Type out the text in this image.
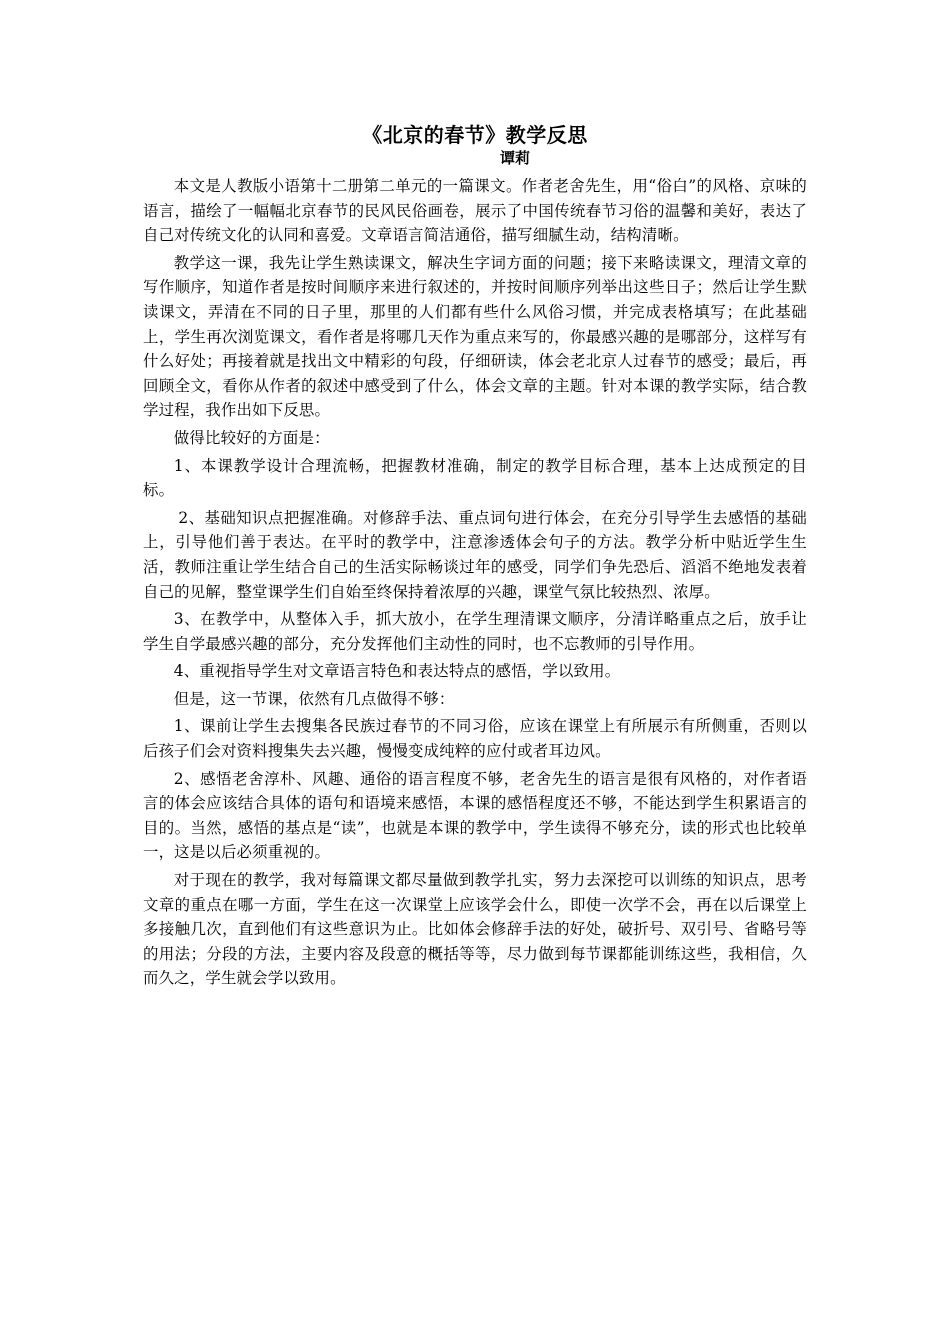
《北京的春节》教学反思
谭莉

本文是人教版小语第十二册第二单元的一篇课文。作者老舍先生，用“俗白”的风格、京味的语言，描绘了一幅幅北京春节的民风民俗画卷，展示了中国传统春节习俗的温馨和美好，表达了自己对传统文化的认同和喜爱。文章语言简洁通俗，描写细腻生动，结构清晰。

教学这一课，我先让学生熟读课文，解决生字词方面的问题；接下来略读课文，理清文章的写作顺序，知道作者是按时间顺序来进行叙述的，并按时间顺序列举出这些日子；然后让学生默读课文，弄清在不同的日子里，那里的人们都有些什么风俗习惯，并完成表格填写；在此基础上，学生再次浏览课文，看作者是将哪几天作为重点来写的，你最感兴趣的是哪部分，这样写有什么好处；再接着就是找出文中精彩的句段，仔细研读，体会老北京人过春节的感受；最后，再回顾全文，看你从作者的叙述中感受到了什么，体会文章的主题。针对本课的教学实际，结合教学过程，我作出如下反思。

做得比较好的方面是：

1、本课教学设计合理流畅，把握教材准确，制定的教学目标合理，基本上达成预定的目标。

2、基础知识点把握准确。对修辞手法、重点词句进行体会，在充分引导学生去感悟的基础上，引导他们善于表达。在平时的教学中，注意渗透体会句子的方法。教学分析中贴近学生生活，教师注重让学生结合自己的生活实际畅谈过年的感受，同学们争先恐后、滔滔不绝地发表着自己的见解，整堂课学生们自始至终保持着浓厚的兴趣，课堂气氛比较热烈、浓厚。

3、在教学中，从整体入手，抓大放小，在学生理清课文顺序，分清详略重点之后，放手让学生自学最感兴趣的部分，充分发挥他们主动性的同时，也不忘教师的引导作用。

4、重视指导学生对文章语言特色和表达特点的感悟，学以致用。

但是，这一节课，依然有几点做得不够：

1、课前让学生去搜集各民族过春节的不同习俗，应该在课堂上有所展示有所侧重，否则以后孩子们会对资料搜集失去兴趣，慢慢变成纯粹的应付或者耳边风。

2、感悟老舍淳朴、风趣、通俗的语言程度不够，老舍先生的语言是很有风格的，对作者语言的体会应该结合具体的语句和语境来感悟，本课的感悟程度还不够，不能达到学生积累语言的目的。当然，感悟的基点是“读”，也就是本课的教学中，学生读得不够充分，读的形式也比较单一，这是以后必须重视的。

对于现在的教学，我对每篇课文都尽量做到教学扎实，努力去深挖可以训练的知识点，思考文章的重点在哪一方面，学生在这一次课堂上应该学会什么，即使一次学不会，再在以后课堂上多接触几次，直到他们有这些意识为止。比如体会修辞手法的好处，破折号、双引号、省略号等的用法；分段的方法，主要内容及段意的概括等等，尽力做到每节课都能训练这些，我相信，久而久之，学生就会学以致用。
